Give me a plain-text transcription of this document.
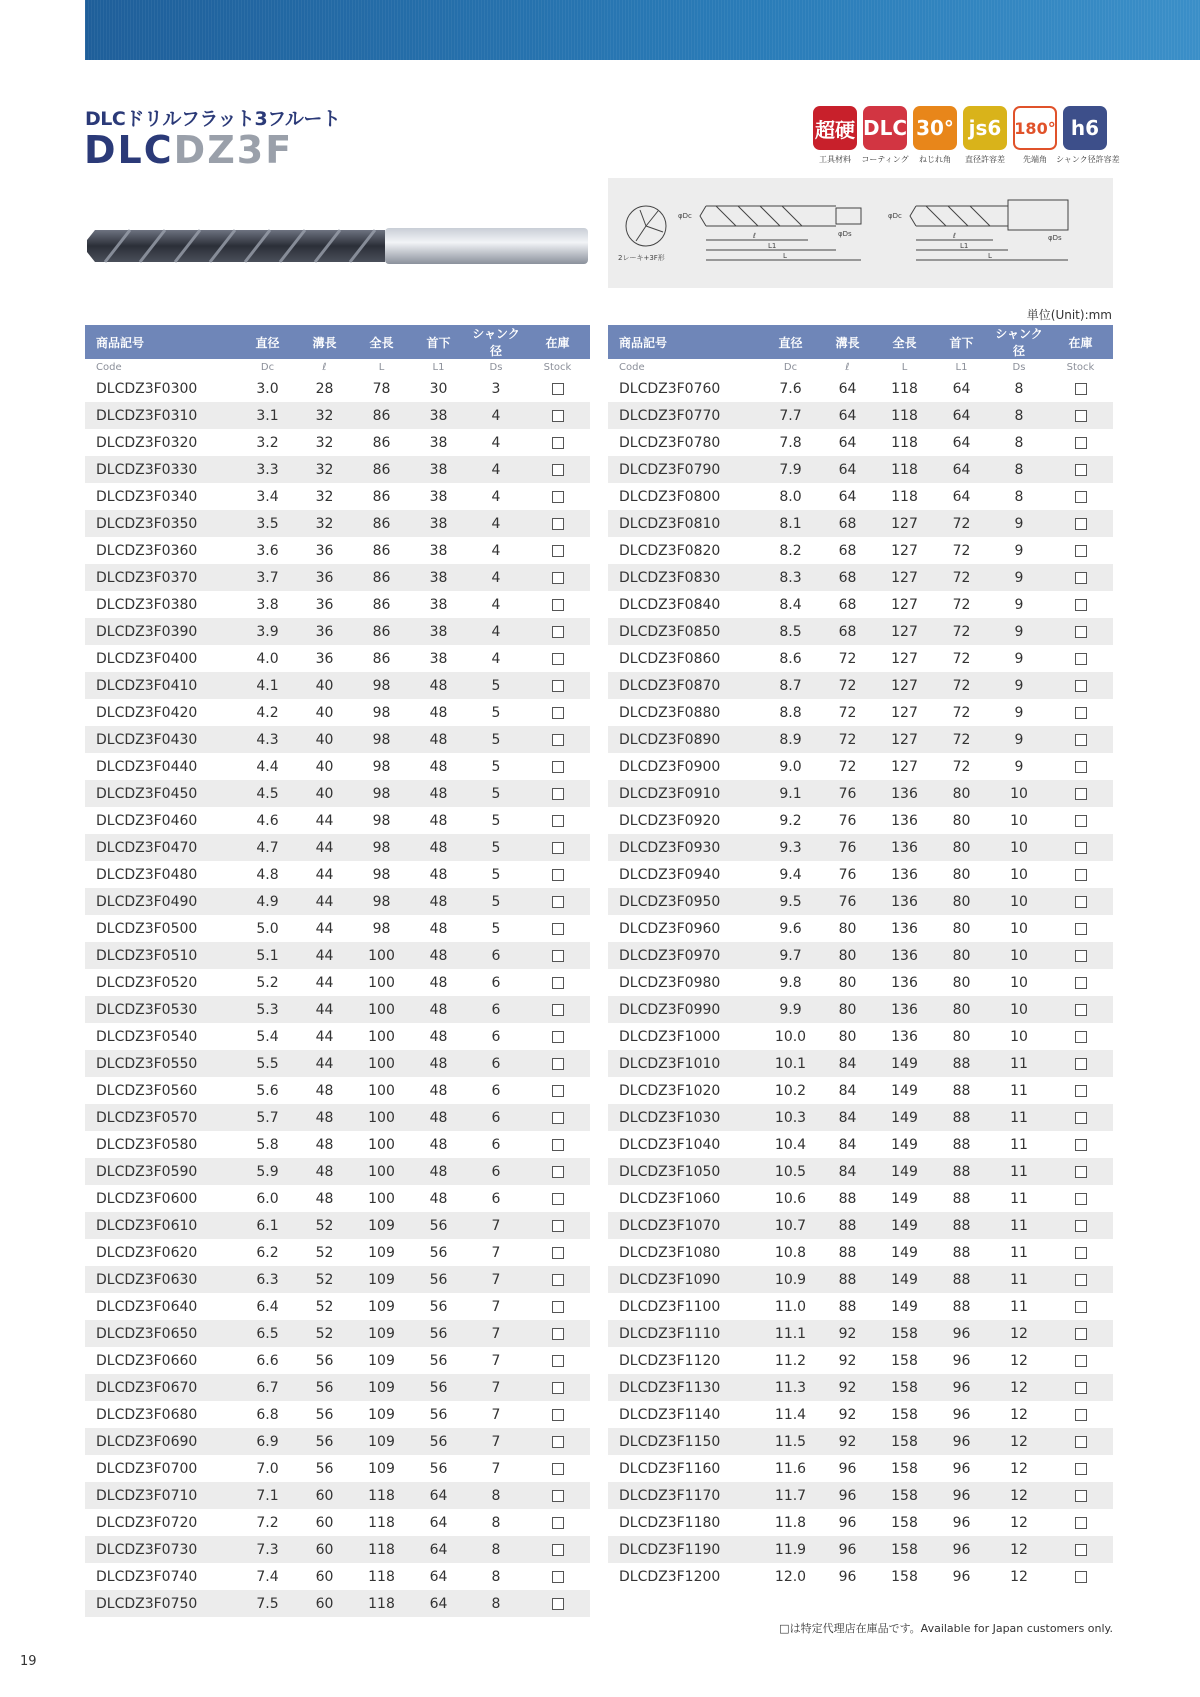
DLCドリルフラット3フルート
DLCDZ3F	超硬
工具材料
DLC
コーティング
30°
ねじれ角
js6
直径許容差
180°
先端角
h6
シャンク径許容差
2レーキ+3F形
φDc
φDs
ℓ
L1
L
φDc
φDs
ℓ
L1
L
単位(Unit):mm
商品記号	直径	溝長	全長	首下	シャンク径	在庫
Code	Dc	ℓ	L	L1	Ds	Stock
DLCDZ3F0300	3.0	28	78	30	3	
DLCDZ3F0310	3.1	32	86	38	4	
DLCDZ3F0320	3.2	32	86	38	4	
DLCDZ3F0330	3.3	32	86	38	4	
DLCDZ3F0340	3.4	32	86	38	4	
DLCDZ3F0350	3.5	32	86	38	4	
DLCDZ3F0360	3.6	36	86	38	4	
DLCDZ3F0370	3.7	36	86	38	4	
DLCDZ3F0380	3.8	36	86	38	4	
DLCDZ3F0390	3.9	36	86	38	4	
DLCDZ3F0400	4.0	36	86	38	4	
DLCDZ3F0410	4.1	40	98	48	5	
DLCDZ3F0420	4.2	40	98	48	5	
DLCDZ3F0430	4.3	40	98	48	5	
DLCDZ3F0440	4.4	40	98	48	5	
DLCDZ3F0450	4.5	40	98	48	5	
DLCDZ3F0460	4.6	44	98	48	5	
DLCDZ3F0470	4.7	44	98	48	5	
DLCDZ3F0480	4.8	44	98	48	5	
DLCDZ3F0490	4.9	44	98	48	5	
DLCDZ3F0500	5.0	44	98	48	5	
DLCDZ3F0510	5.1	44	100	48	6	
DLCDZ3F0520	5.2	44	100	48	6	
DLCDZ3F0530	5.3	44	100	48	6	
DLCDZ3F0540	5.4	44	100	48	6	
DLCDZ3F0550	5.5	44	100	48	6	
DLCDZ3F0560	5.6	48	100	48	6	
DLCDZ3F0570	5.7	48	100	48	6	
DLCDZ3F0580	5.8	48	100	48	6	
DLCDZ3F0590	5.9	48	100	48	6	
DLCDZ3F0600	6.0	48	100	48	6	
DLCDZ3F0610	6.1	52	109	56	7	
DLCDZ3F0620	6.2	52	109	56	7	
DLCDZ3F0630	6.3	52	109	56	7	
DLCDZ3F0640	6.4	52	109	56	7	
DLCDZ3F0650	6.5	52	109	56	7	
DLCDZ3F0660	6.6	56	109	56	7	
DLCDZ3F0670	6.7	56	109	56	7	
DLCDZ3F0680	6.8	56	109	56	7	
DLCDZ3F0690	6.9	56	109	56	7	
DLCDZ3F0700	7.0	56	109	56	7	
DLCDZ3F0710	7.1	60	118	64	8	
DLCDZ3F0720	7.2	60	118	64	8	
DLCDZ3F0730	7.3	60	118	64	8	
DLCDZ3F0740	7.4	60	118	64	8	
DLCDZ3F0750	7.5	60	118	64	8	
商品記号	直径	溝長	全長	首下	シャンク径	在庫
Code	Dc	ℓ	L	L1	Ds	Stock
DLCDZ3F0760	7.6	64	118	64	8	
DLCDZ3F0770	7.7	64	118	64	8	
DLCDZ3F0780	7.8	64	118	64	8	
DLCDZ3F0790	7.9	64	118	64	8	
DLCDZ3F0800	8.0	64	118	64	8	
DLCDZ3F0810	8.1	68	127	72	9	
DLCDZ3F0820	8.2	68	127	72	9	
DLCDZ3F0830	8.3	68	127	72	9	
DLCDZ3F0840	8.4	68	127	72	9	
DLCDZ3F0850	8.5	68	127	72	9	
DLCDZ3F0860	8.6	72	127	72	9	
DLCDZ3F0870	8.7	72	127	72	9	
DLCDZ3F0880	8.8	72	127	72	9	
DLCDZ3F0890	8.9	72	127	72	9	
DLCDZ3F0900	9.0	72	127	72	9	
DLCDZ3F0910	9.1	76	136	80	10	
DLCDZ3F0920	9.2	76	136	80	10	
DLCDZ3F0930	9.3	76	136	80	10	
DLCDZ3F0940	9.4	76	136	80	10	
DLCDZ3F0950	9.5	76	136	80	10	
DLCDZ3F0960	9.6	80	136	80	10	
DLCDZ3F0970	9.7	80	136	80	10	
DLCDZ3F0980	9.8	80	136	80	10	
DLCDZ3F0990	9.9	80	136	80	10	
DLCDZ3F1000	10.0	80	136	80	10	
DLCDZ3F1010	10.1	84	149	88	11	
DLCDZ3F1020	10.2	84	149	88	11	
DLCDZ3F1030	10.3	84	149	88	11	
DLCDZ3F1040	10.4	84	149	88	11	
DLCDZ3F1050	10.5	84	149	88	11	
DLCDZ3F1060	10.6	88	149	88	11	
DLCDZ3F1070	10.7	88	149	88	11	
DLCDZ3F1080	10.8	88	149	88	11	
DLCDZ3F1090	10.9	88	149	88	11	
DLCDZ3F1100	11.0	88	149	88	11	
DLCDZ3F1110	11.1	92	158	96	12	
DLCDZ3F1120	11.2	92	158	96	12	
DLCDZ3F1130	11.3	92	158	96	12	
DLCDZ3F1140	11.4	92	158	96	12	
DLCDZ3F1150	11.5	92	158	96	12	
DLCDZ3F1160	11.6	96	158	96	12	
DLCDZ3F1170	11.7	96	158	96	12	
DLCDZ3F1180	11.8	96	158	96	12	
DLCDZ3F1190	11.9	96	158	96	12	
DLCDZ3F1200	12.0	96	158	96	12	
□は特定代理店在庫品です。Available for Japan customers only.
19
